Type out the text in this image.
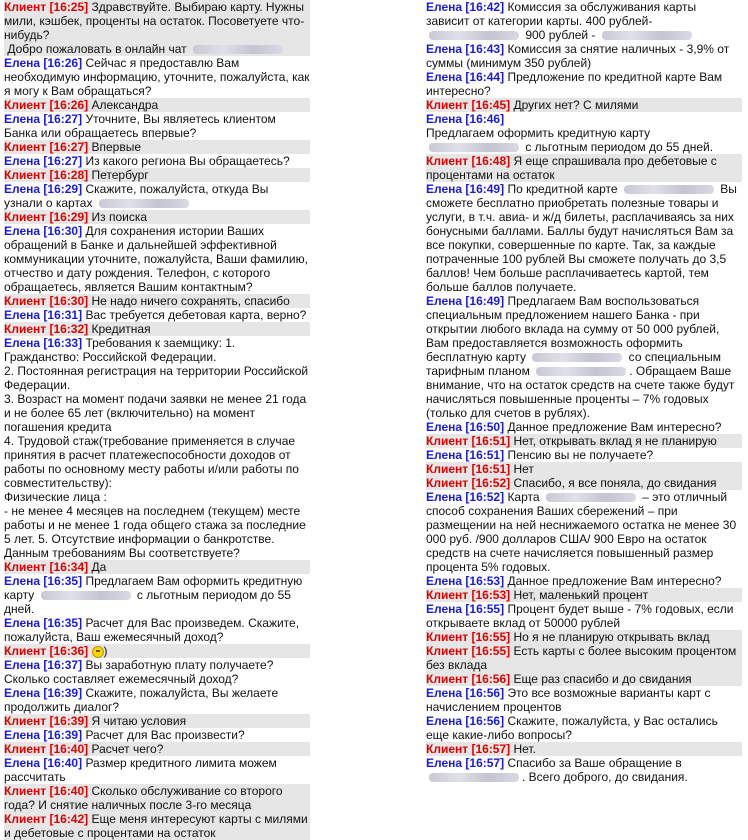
Клиент [16:25] Здравствуйте. Выбираю карту. Нужны мили, кэшбек, проценты на остаток. Посоветуете что-нибудь?
Добро пожаловать в онлайн чат
Елена [16:26] Сейчас я предоставлю Вам необходимую информацию, уточните, пожалуйста, как я могу к Вам обращаться?
Клиент [16:26] Александра
Елена [16:27] Уточните, Вы являетесь клиентом Банка или обращаетесь впервые?
Клиент [16:27] Впервые
Елена [16:27] Из какого региона Вы обращаетесь?
Клиент [16:28] Петербург
Елена [16:29] Скажите, пожалуйста, откуда Вы узнали о картах
Клиент [16:29] Из поиска
Елена [16:30] Для сохранения истории Ваших обращений в Банке и дальнейшей эффективной коммуникации уточните, пожалуйста, Ваши фамилию, отчество и дату рождения. Телефон, с которого обращаетесь, является Вашим контактным?
Клиент [16:30] Не надо ничего сохранять, спасибо
Елена [16:31] Вас требуется дебетовая карта, верно?
Клиент [16:32] Кредитная
Елена [16:33] Требования к заемщику: 1. Гражданство: Российской Федерации.
2. Постоянная регистрация на территории Российской Федерации.
3. Возраст на момент подачи заявки не менее 21 года и не более 65 лет (включительно) на момент погашения кредита
4. Трудовой стаж(требование применяется в случае принятия в расчет платежеспособности доходов от работы по основному месту работы и/или работы по совместительству):
Физические лица :
- не менее 4 месяцев на последнем (текущем) месте работы и не менее 1 года общего стажа за последние 5 лет. 5. Отсутствие информации о банкротстве.
Данным требованиям Вы соответствуете?
Клиент [16:34] Да
Елена [16:35] Предлагаем Вам оформить кредитную карту	с льготным периодом до 55 дней.
Елена [16:35] Расчет для Вас произведем. Скажите, пожалуйста, Ваш ежемесячный доход?
Клиент [16:36] )
Елена [16:37] Вы заработную плату получаете? Сколько составляет ежемесячный доход?
Елена [16:39] Скажите, пожалуйста, Вы желаете продолжить диалог?
Клиент [16:39] Я читаю условия
Елена [16:39] Расчет для Вас произвести?
Клиент [16:40] Расчет чего?
Елена [16:40] Размер кредитного лимита можем рассчитать
Клиент [16:40] Сколько обслуживание со второго года? И снятие наличных после 3-го месяца
Клиент [16:42] Еще меня интересуют карты с милями и дебетовые с процентами на остаток
Елена [16:42] Комиссия за обслуживания карты зависит от категории карты. 400 рублей-  900 рублей -
Елена [16:43] Комиссия за снятие наличных - 3,9% от суммы (минимум 350 рублей)
Елена [16:44] Предложение по кредитной карте Вам интересно?
Клиент [16:45] Других нет? С милями
Елена [16:46]
Предлагаем оформить кредитную карту  с льготным периодом до 55 дней.
Клиент [16:48] Я еще спрашивала про дебетовые с процентами на остаток
Елена [16:49] По кредитной карте	Вы сможете бесплатно приобретать полезные товары и услуги, в т.ч. авиа- и ж/д билеты, расплачиваясь за них бонусными баллами. Баллы будут начисляться Вам за все покупки, совершенные по карте. Так, за каждые потраченные 100 рублей Вы сможете получать до 3,5 баллов! Чем больше расплачиваетесь картой, тем больше баллов получаете.
Елена [16:49] Предлагаем Вам воспользоваться специальным предложением нашего Банка - при открытии любого вклада на сумму от 50 000 рублей, Вам предоставляется возможность оформить бесплатную карту	со специальным тарифным планом	. Обращаем Ваше внимание, что на остаток средств на счете также будут начисляться повышенные проценты – 7% годовых (только для счетов в рублях).
Елена [16:50] Данное предложение Вам интересно?
Клиент [16:51] Нет, открывать вклад я не планирую
Елена [16:51] Пенсию вы не получаете?
Клиент [16:51] Нет
Клиент [16:52] Спасибо, я все поняла, до свидания
Елена [16:52] Карта	– это отличный способ сохранения Ваших сбережений – при размещении на ней неснижаемого остатка не менее 30 000 руб. /900 долларов США/ 900 Евро на остаток средств на счете начисляется повышенный размер процента 5% годовых.
Елена [16:53] Данное предложение Вам интересно?
Клиент [16:53] Нет, маленький процент
Елена [16:55] Процент будет выше - 7% годовых, если открываете вклад от 50000 рублей
Клиент [16:55] Но я не планирую открывать вклад
Клиент [16:55] Есть карты с более высоким процентом без вклада
Клиент [16:56] Еще раз спасибо и до свидания
Елена [16:56] Это все возможные варианты карт с начислением процентов
Елена [16:56] Скажите, пожалуйста, у Вас остались еще какие-либо вопросы?
Клиент [16:57] Нет.
Елена [16:57] Спасибо за Ваше обращение в . Всего доброго, до свидания.
